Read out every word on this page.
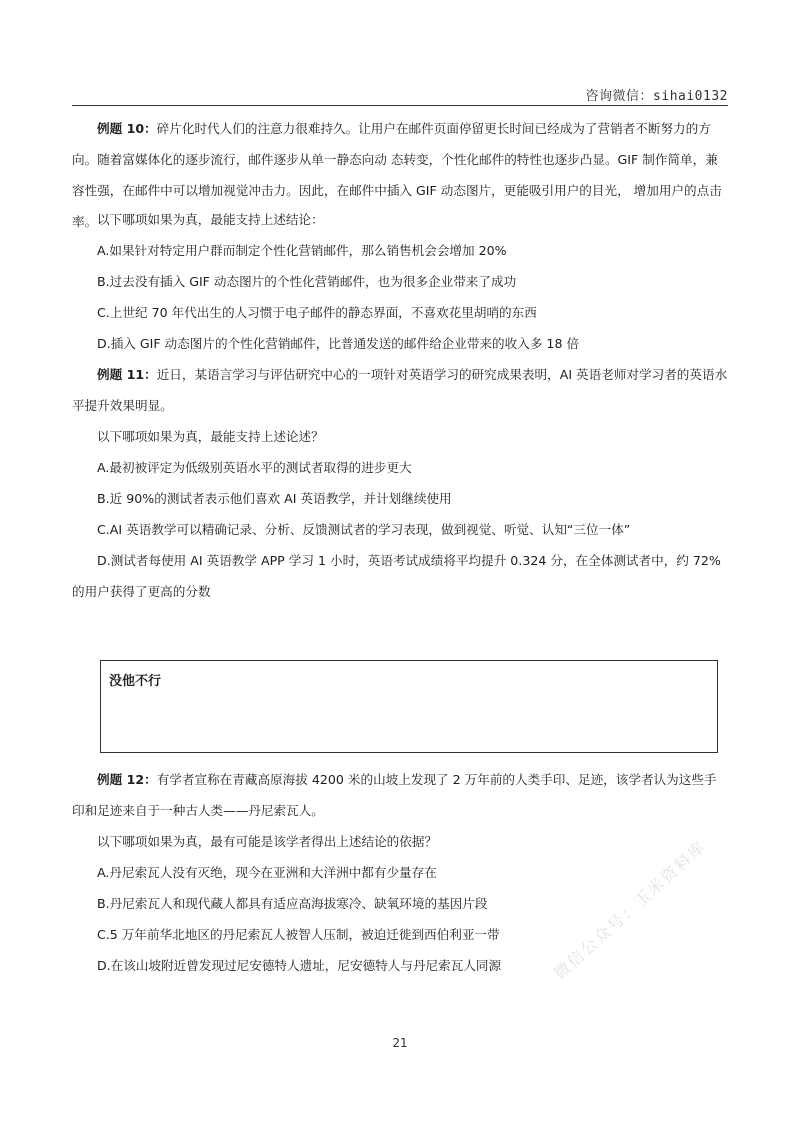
咨询微信：sihai0132
例题 10：碎片化时代人们的注意力很难持久。让用户在邮件页面停留更长时间已经成为了营销者不断努力的方向。随着富媒体化的逐步流行，邮件逐步从单一静态向动 态转变，个性化邮件的特性也逐步凸显。GIF 制作简单，兼容性强，在邮件中可以增加视觉冲击力。因此，在邮件中插入 GIF 动态图片，更能吸引用户的目光， 增加用户的点击率。 以下哪项如果为真，最能支持上述结论：
A.如果针对特定用户群而制定个性化营销邮件，那么销售机会会增加 20%
B.过去没有插入 GIF 动态图片的个性化营销邮件，也为很多企业带来了成功
C.上世纪 70 年代出生的人习惯于电子邮件的静态界面，不喜欢花里胡哨的东西
D.插入 GIF 动态图片的个性化营销邮件，比普通发送的邮件给企业带来的收入多 18 倍
例题 11：近日，某语言学习与评估研究中心的一项针对英语学习的研究成果表明，AI 英语老师对学习者的英语水平提升效果明显。
以下哪项如果为真，最能支持上述论述？
A.最初被评定为低级别英语水平的测试者取得的进步更大
B.近 90%的测试者表示他们喜欢 AI 英语教学，并计划继续使用
C.AI 英语教学可以精确记录、分析、反馈测试者的学习表现，做到视觉、听觉、认知“三位一体”
D.测试者每使用 AI 英语教学 APP 学习 1 小时，英语考试成绩将平均提升 0.324 分，在全体测试者中，约 72%的用户获得了更高的分数
没他不行
例题 12：有学者宣称在青藏高原海拔 4200 米的山坡上发现了 2 万年前的人类手印、足迹，该学者认为这些手印和足迹来自于一种古人类——丹尼索瓦人。
以下哪项如果为真，最有可能是该学者得出上述结论的依据？
A.丹尼索瓦人没有灭绝，现今在亚洲和大洋洲中都有少量存在
B.丹尼索瓦人和现代藏人都具有适应高海拔寒冷、缺氧环境的基因片段
C.5 万年前华北地区的丹尼索瓦人被智人压制，被迫迁徙到西伯利亚一带
D.在该山坡附近曾发现过尼安德特人遗址，尼安德特人与丹尼索瓦人同源
21
微信公众号：玉米资料库
